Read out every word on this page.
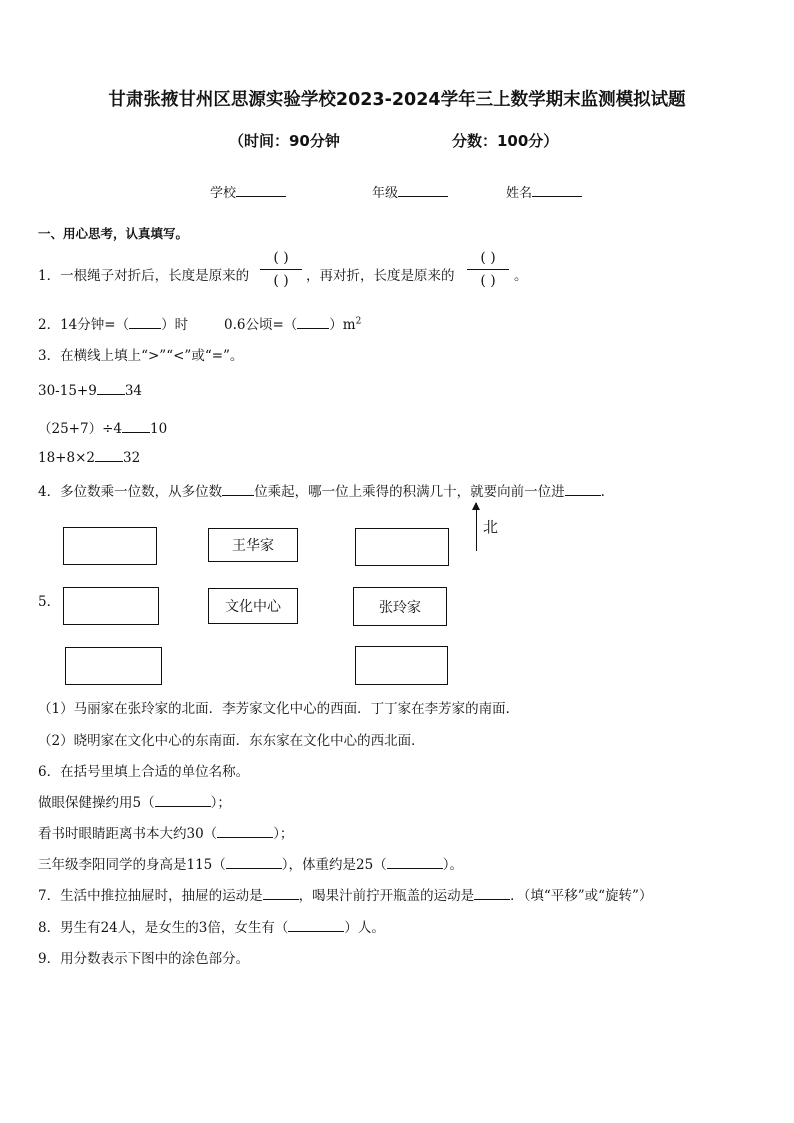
甘肃张掖甘州区思源实验学校2023-2024学年三上数学期末监测模拟试题
（时间：90分钟	分数：100分）
学校	年级	姓名
一、用心思考，认真填写。
1．一根绳子对折后，长度是原来的
( )
( )	，再对折，长度是原来的
( )
( )	。
2．14分钟=（ ）时	0.6公顷=（ ）$m^2$
3．在横线上填上“>”“<”或“=”。
30-15+9 34
（25+7）÷4 10
18+8×2 32
4．多位数乘一位数，从多位数 位乘起，哪一位上乘得的积满几十，就要向前一位进	.
5．
王华家
北
文化中心	张玲家
（1）马丽家在张玲家的北面．李芳家文化中心的西面．丁丁家在李芳家的南面．
（2）晓明家在文化中心的东南面．东东家在文化中心的西北面．
6．在括号里填上合适的单位名称。
做眼保健操约用5（	）；
看书时眼睛距离书本大约30（	）；
三年级李阳同学的身高是115（	），体重约是25（	）。
7．生活中推拉抽屉时，抽屉的运动是	，喝果汁前拧开瓶盖的运动是	．（填“平移”或“旋转”）
8．男生有24人，是女生的3倍，女生有（	）人。
9．用分数表示下图中的涂色部分。
